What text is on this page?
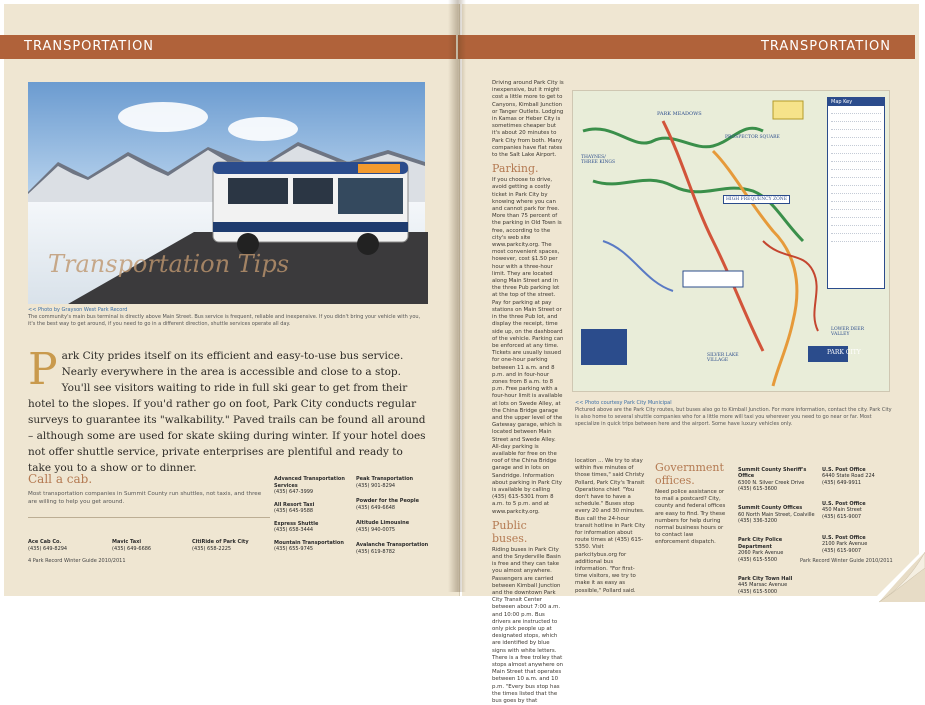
TRANSPORTATION	TRANSPORTATION
Transportation Tips
<< Photo by Grayson West Park Record
The community's main bus terminal is directly above Main Street. Bus service is frequent, reliable and inexpensive. If you didn't bring your vehicle with you, it's the best way to get around, if you need to go in a different direction, shuttle services operate all day.
P ark City prides itself on its efficient and easy-to-use bus service. Nearly everywhere in the area is accessible and close to a stop. You'll see visitors waiting to ride in full ski gear to get from their hotel to the slopes. If you'd rather go on foot, Park City conducts regular surveys to guarantee its "walkability." Paved trails can be found all around – although some are used for skate skiing during winter. If your hotel does not offer shuttle service, private enterprises are plentiful and ready to take you to a show or to dinner.
Call a cab.

Most transportation companies in Summit County run shuttles, not taxis, and three are willing to help you get around.

Advanced Transportation Services
(435) 647-3999
All Resort Taxi
(435) 645-9588
Express Shuttle
(435) 658-3444
Mountain Transportation
(435) 655-9745
Peak Transportation
(435) 901-8294
Powder for the People
(435) 649-6648
Altitude Limousine
(435) 940-0075
Avalanche Transportation
(435) 619-8782
Ace Cab Co.
(435) 649-8294
Mavic Taxi
(435) 649-6686
CitiRide of Park City
(435) 658-2225
4 Park Record Winter Guide 2010/2011	Park Record Winter Guide 2010/2011

Driving around Park City is inexpensive, but it might cost a little more to get to Canyons, Kimball Junction or Tanger Outlets. Lodging in Kamas or Heber City is sometimes cheaper but it's about 20 minutes to Park City from both. Many companies have flat rates to the Salt Lake Airport.

Parking.

If you choose to drive, avoid getting a costly ticket in Park City by knowing where you can and cannot park for free. More than 75 percent of the parking in Old Town is free, according to the city's web site www.parkcity.org. The most convenient spaces, however, cost $1.50 per hour with a three-hour limit. They are located along Main Street and in the three Pub parking lot at the top of the street. Pay for parking at pay stations on Main Street or in the three Pub lot, and display the receipt, time side up, on the dashboard of the vehicle. Parking can be enforced at any time. Tickets are usually issued for one-hour parking between 11 a.m. and 8 p.m. and in four-hour zones from 8 a.m. to 8 p.m. Free parking with a four-hour limit is available at lots on Swede Alley, at the China Bridge garage and the upper level of the Gateway garage, which is located between Main Street and Swede Alley. All-day parking is available for free on the roof of the China Bridge garage and in lots on Sandridge. Information about parking in Park City is available by calling (435) 615-5301 from 8 a.m. to 5 p.m. and at www.parkcity.org.

Public buses.

Riding buses in Park City and the Snyderville Basin is free and they can take you almost anywhere. Passengers are carried between Kimball Junction and the downtown Park City Transit Center between about 7:00 a.m. and 10:00 p.m. Bus drivers are instructed to only pick people up at designated stops, which are identified by blue signs with white letters. There is a free trolley that stops almost anywhere on Main Street that operates between 10 a.m. and 10 p.m. "Every bus stop has the times listed that the bus goes by that

location ... We try to stay within five minutes of those times," said Christy Pollard, Park City's Transit Operations chief. "You don't have to have a schedule." Buses stop every 20 and 30 minutes. Bus call the 24-hour transit hotline in Park City for information about route times at (435) 615-5350. Visit parkcitybus.org for additional bus information. "For first-time visitors, we try to make it as easy as possible," Pollard said.

Government offices.

Need police assistance or to mail a postcard? City, county and federal offices are easy to find. Try these numbers for help during normal business hours or to contact law enforcement dispatch.

Summit County Sheriff's Office
6300 N. Silver Creek Drive
(435) 615-3600

Summit County Offices
60 North Main Street, Coalville
(435) 336-3200

Park City Police Department
2060 Park Avenue
(435) 615-5500

Park City Town Hall
445 Marsac Avenue
(435) 615-5000

U.S. Post Office
6440 State Road 224
(435) 649-9911

U.S. Post Office
450 Main Street
(435) 615-9007

U.S. Post Office
2100 Park Avenue
(435) 615-9007

Map Key
PARK MEADOWS
THAYNES/ THREE KINGS
PROSPECTOR SQUARE
HIGH FREQUENCY ZONE
PARK CITY
LOWER DEER VALLEY
SILVER LAKE VILLAGE
<< Photo courtesy Park City Municipal
Pictured above are the Park City routes, but buses also go to Kimball Junction. For more information, contact the city. Park City is also home to several shuttle companies who for a little more will taxi you wherever you need to go near or far. Most specialize in quick trips between here and the airport. Some have luxury vehicles only.
